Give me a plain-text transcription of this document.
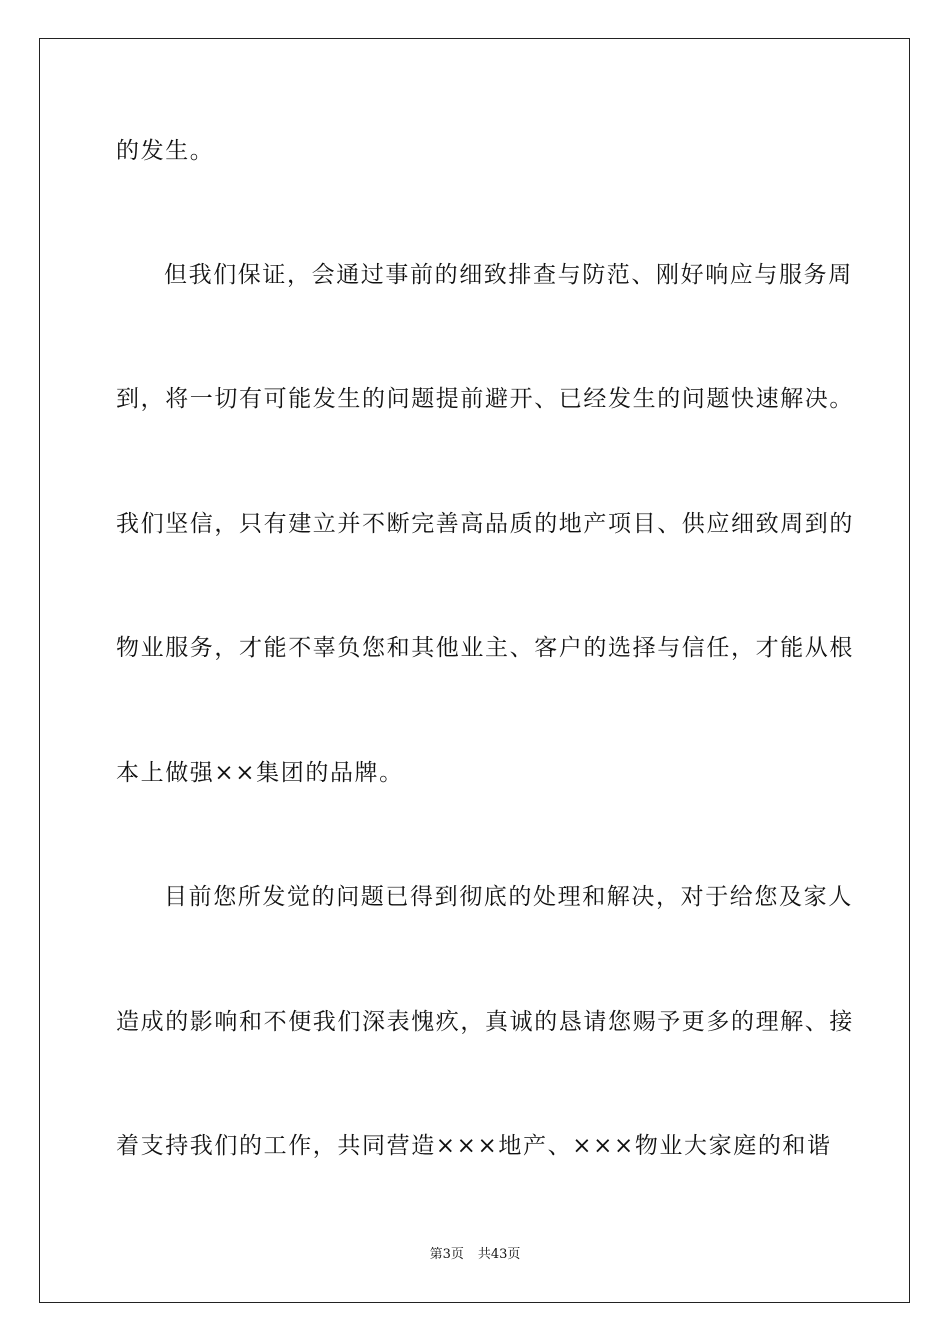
的发生。
但我们保证，会通过事前的细致排查与防范、刚好响应与服务周
到，将一切有可能发生的问题提前避开、已经发生的问题快速解决。
我们坚信，只有建立并不断完善高品质的地产项目、供应细致周到的
物业服务，才能不辜负您和其他业主、客户的选择与信任，才能从根
本上做强××集团的品牌。
目前您所发觉的问题已得到彻底的处理和解决，对于给您及家人
造成的影响和不便我们深表愧疚，真诚的恳请您赐予更多的理解、接
着支持我们的工作，共同营造×××地产、×××物业大家庭的和谐
第3页 共43页
